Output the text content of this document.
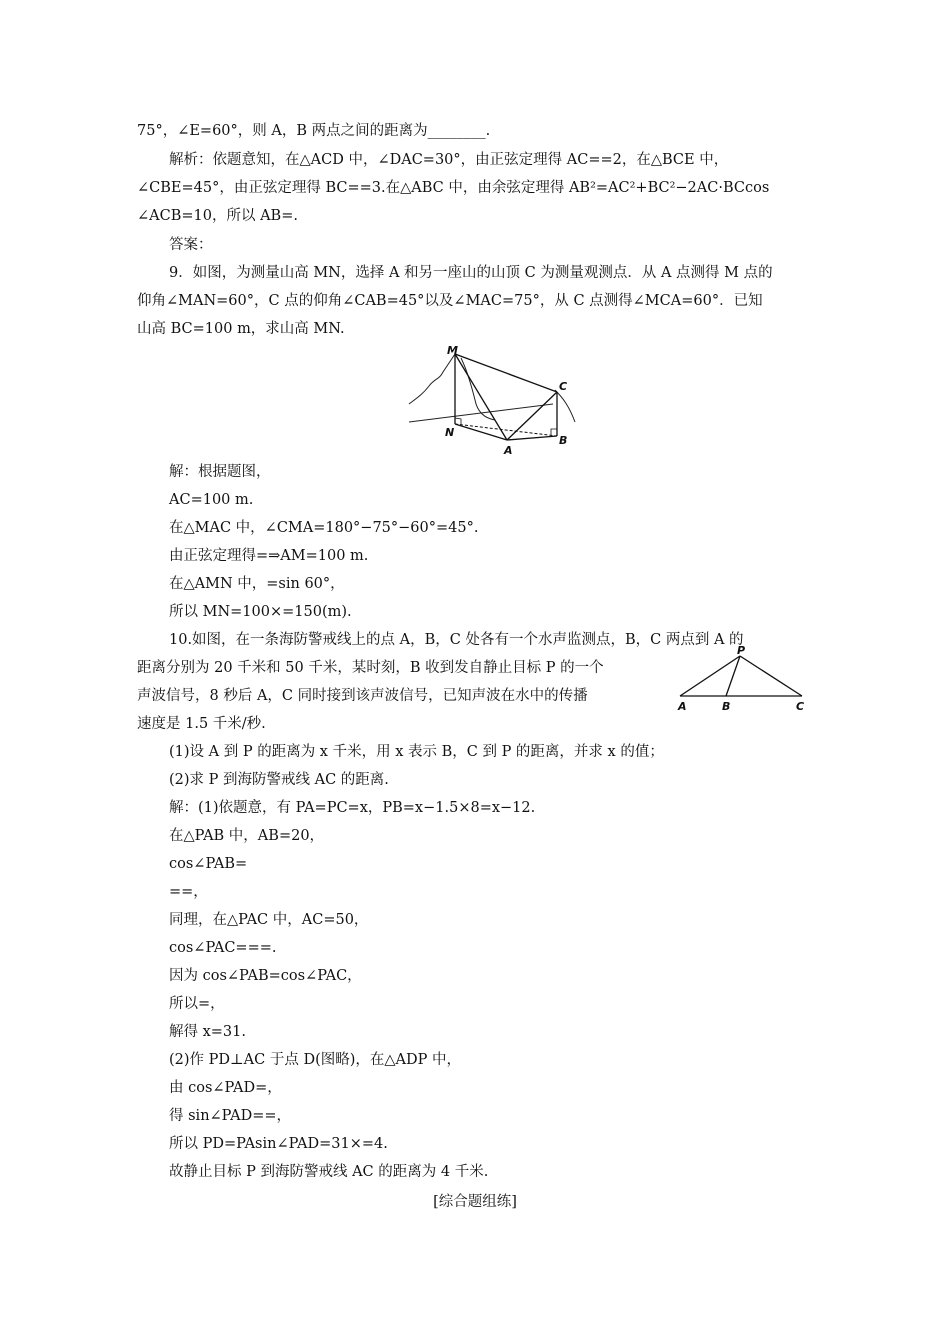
75°，∠E=60°，则 A，B 两点之间的距离为________.
解析：依题意知，在△ACD 中，∠DAC=30°，由正弦定理得 AC==2，在△BCE 中，
∠CBE=45°，由正弦定理得 BC==3.在△ABC 中，由余弦定理得 AB²=AC²+BC²−2AC·BCcos
∠ACB=10，所以 AB=.
答案：
9．如图，为测量山高 MN，选择 A 和另一座山的山顶 C 为测量观测点．从 A 点测得 M 点的
仰角∠MAN=60°，C 点的仰角∠CAB=45°以及∠MAC=75°，从 C 点测得∠MCA=60°．已知
山高 BC=100 m，求山高 MN.
M
C
N
A
B
解：根据题图，
AC=100 m.
在△MAC 中，∠CMA=180°−75°−60°=45°.
由正弦定理得=⇒AM=100 m.
在△AMN 中，=sin 60°，
所以 MN=100×=150(m).
10.如图，在一条海防警戒线上的点 A，B，C 处各有一个水声监测点，B，C 两点到 A 的
距离分别为 20 千米和 50 千米，某时刻，B 收到发自静止目标 P 的一个
声波信号，8 秒后 A，C 同时接到该声波信号，已知声波在水中的传播
速度是 1.5 千米/秒.
P
A	B	C
(1)设 A 到 P 的距离为 x 千米，用 x 表示 B，C 到 P 的距离，并求 x 的值；
(2)求 P 到海防警戒线 AC 的距离.
解：(1)依题意，有 PA=PC=x，PB=x−1.5×8=x−12.
在△PAB 中，AB=20，
cos∠PAB=
==，
同理，在△PAC 中，AC=50，
cos∠PAC===.
因为 cos∠PAB=cos∠PAC，
所以=，
解得 x=31.
(2)作 PD⊥AC 于点 D(图略)，在△ADP 中，
由 cos∠PAD=，
得 sin∠PAD==，
所以 PD=PAsin∠PAD=31×=4.
故静止目标 P 到海防警戒线 AC 的距离为 4 千米.
[综合题组练]
